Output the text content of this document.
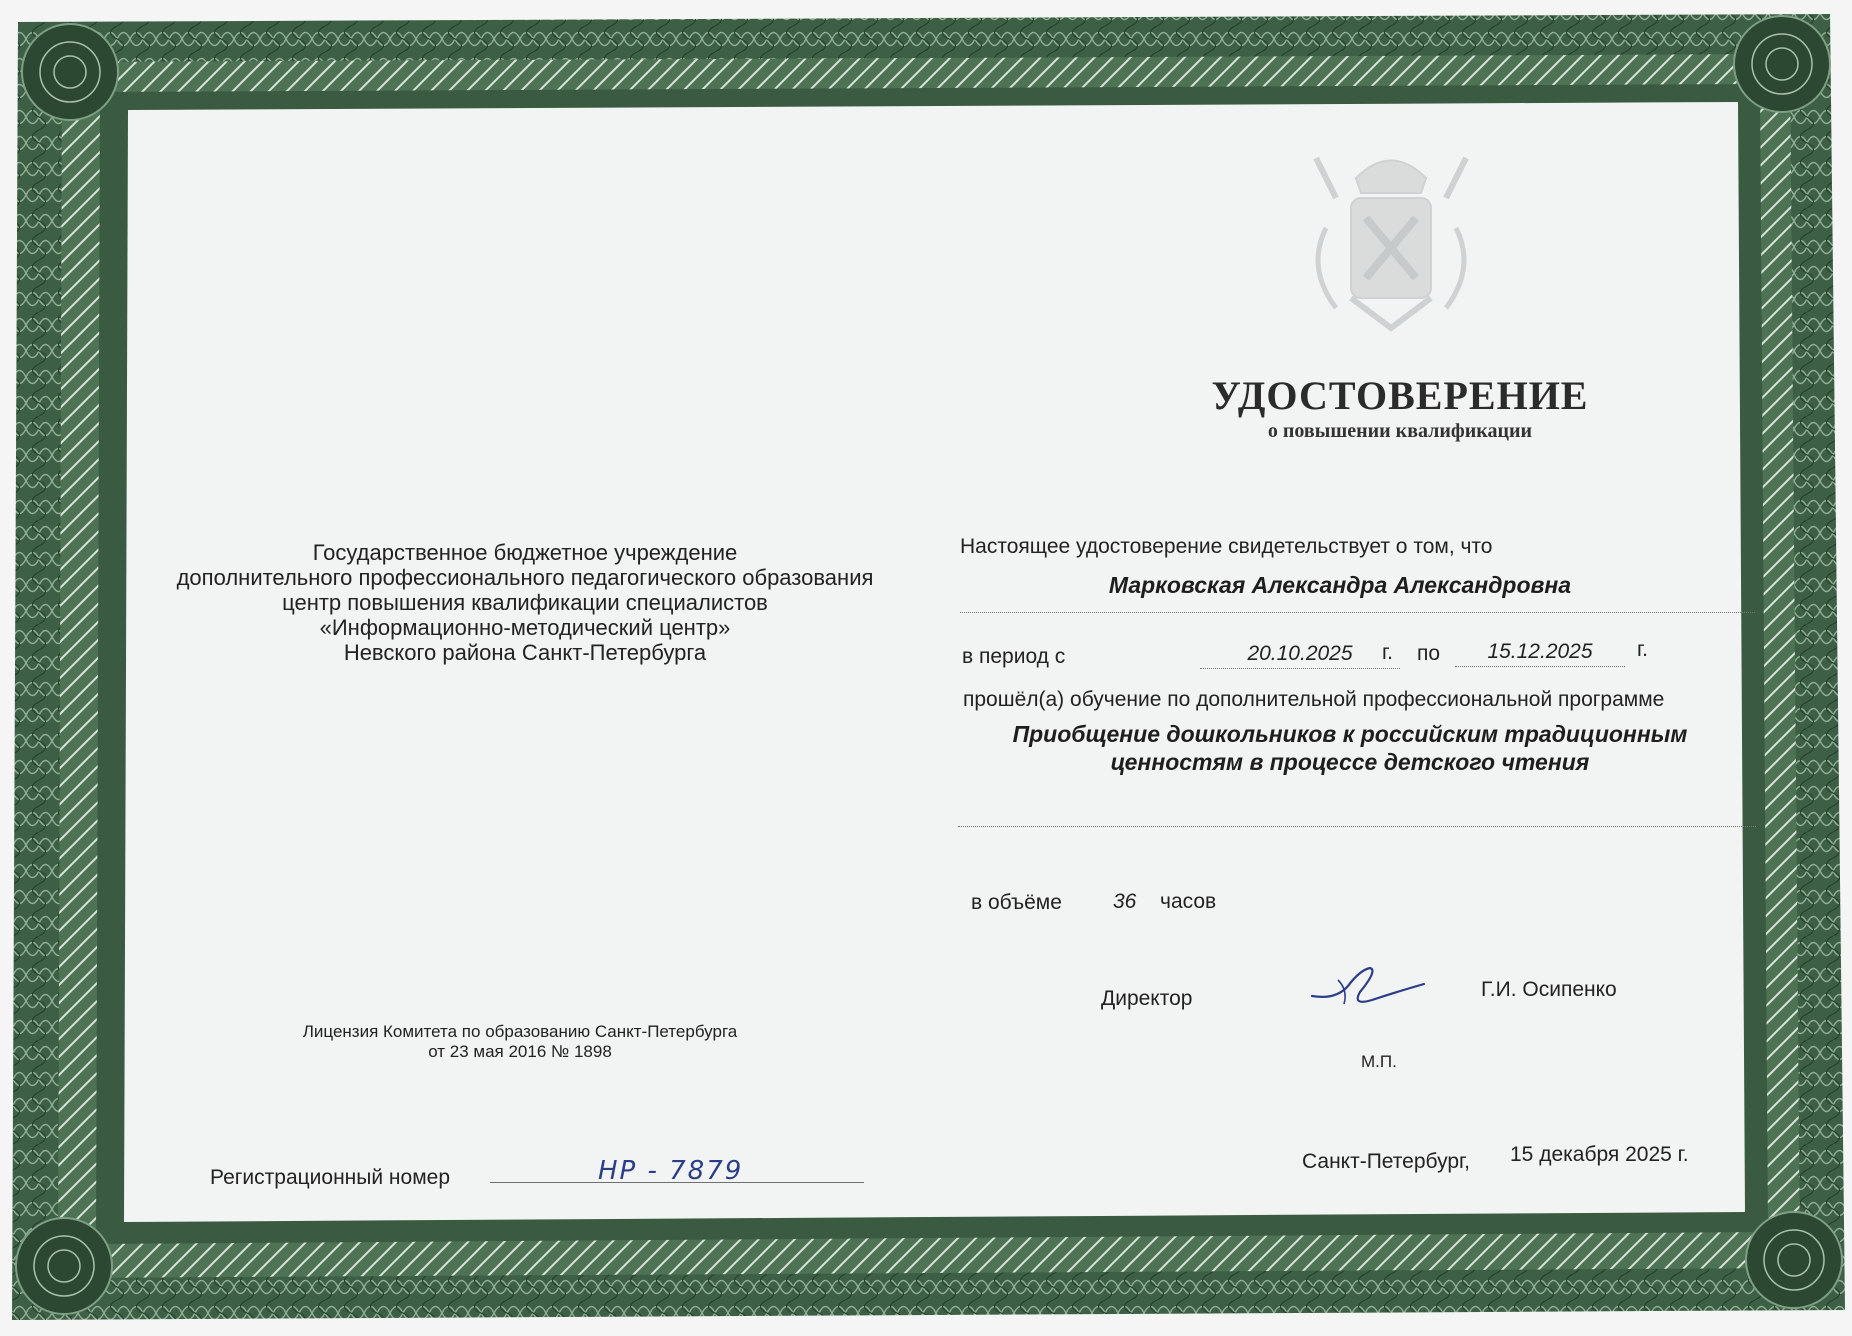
УДОСТОВЕРЕНИЕ
о повышении квалификации
Государственное бюджетное учреждение
дополнительного профессионального педагогического образования
центр повышения квалификации специалистов
«Информационно-методический центр»
Невского района Санкт-Петербурга
Настоящее удостоверение свидетельствует о том, что
Марковская Александра Александровна
в период с	20.10.2025	г. по	15.12.2025	г.
прошёл(а) обучение по дополнительной профессиональной программе
Приобщение дошкольников к российским традиционным
ценностям в процессе детского чтения
в объёме 36 часов
Директор	Г.И. Осипенко
М.П.
Санкт-Петербург, 15 декабря 2025 г.
Лицензия Комитета по образованию Санкт-Петербурга
от 23 мая 2016 № 1898
Регистрационный номер	НР - 7879
